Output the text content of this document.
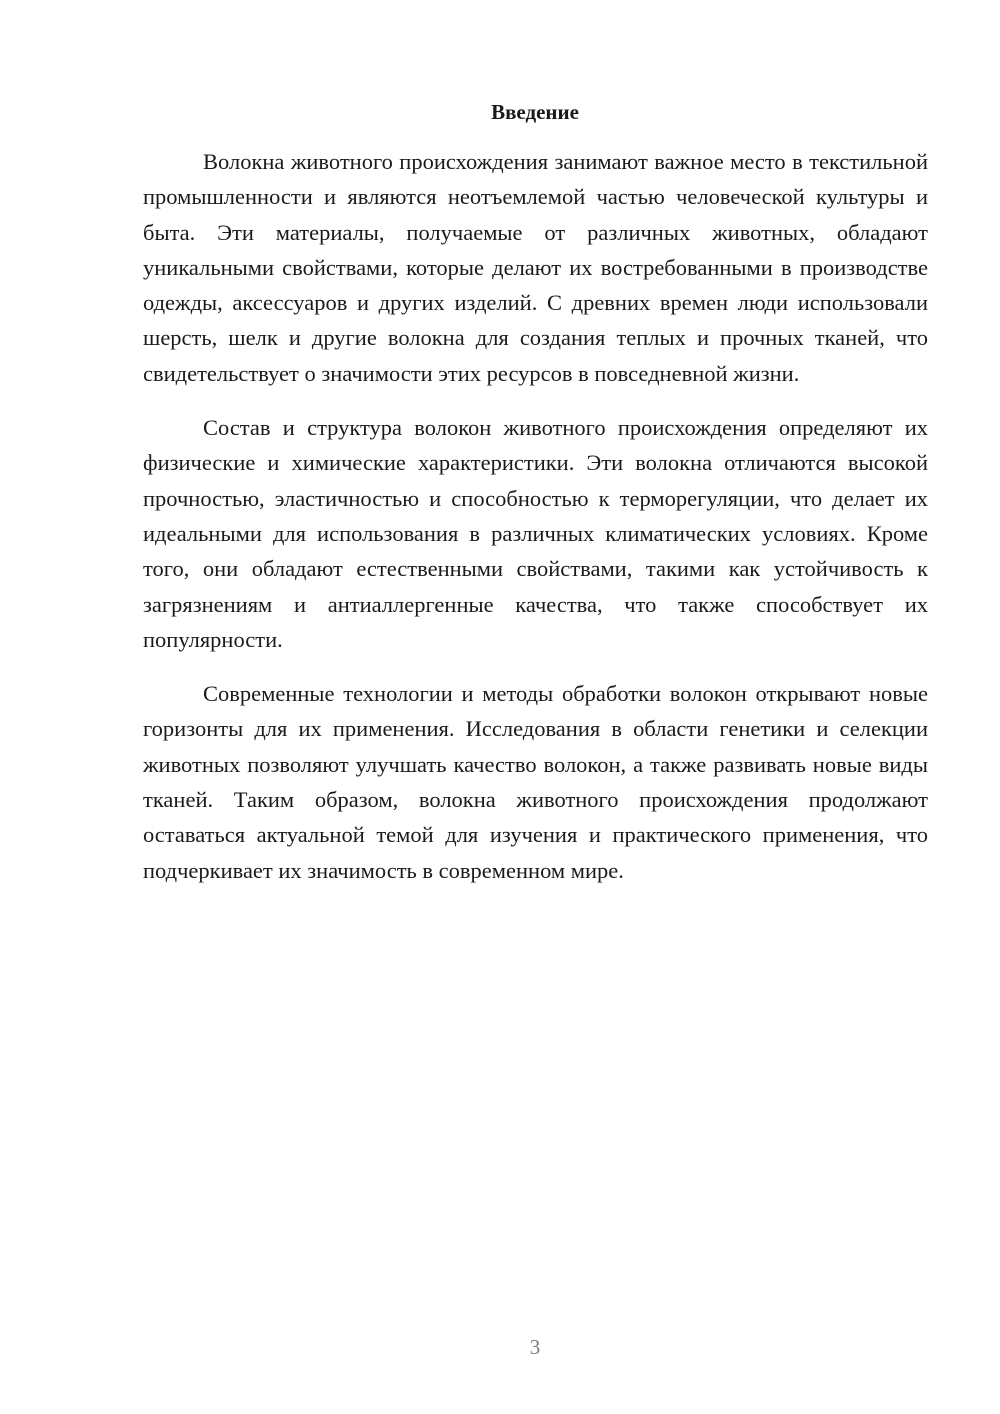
Введение

Волокна животного происхождения занимают важное место в текстильной промышленности и являются неотъемлемой частью человеческой культуры и быта. Эти материалы, получаемые от различных животных, обладают уникальными свойствами, которые делают их востребованными в производстве одежды, аксессуаров и других изделий. С древних времен люди использовали шерсть, шелк и другие волокна для создания теплых и прочных тканей, что свидетельствует о значимости этих ресурсов в повседневной жизни.

Состав и структура волокон животного происхождения определяют их физические и химические характеристики. Эти волокна отличаются высокой прочностью, эластичностью и способностью к терморегуляции, что делает их идеальными для использования в различных климатических условиях. Кроме того, они обладают естественными свойствами, такими как устойчивость к загрязнениям и антиаллергенные качества, что также способствует их популярности.

Современные технологии и методы обработки волокон открывают новые горизонты для их применения. Исследования в области генетики и селекции животных позволяют улучшать качество волокон, а также развивать новые виды тканей. Таким образом, волокна животного происхождения продолжают оставаться актуальной темой для изучения и практического применения, что подчеркивает их значимость в современном мире.

3
